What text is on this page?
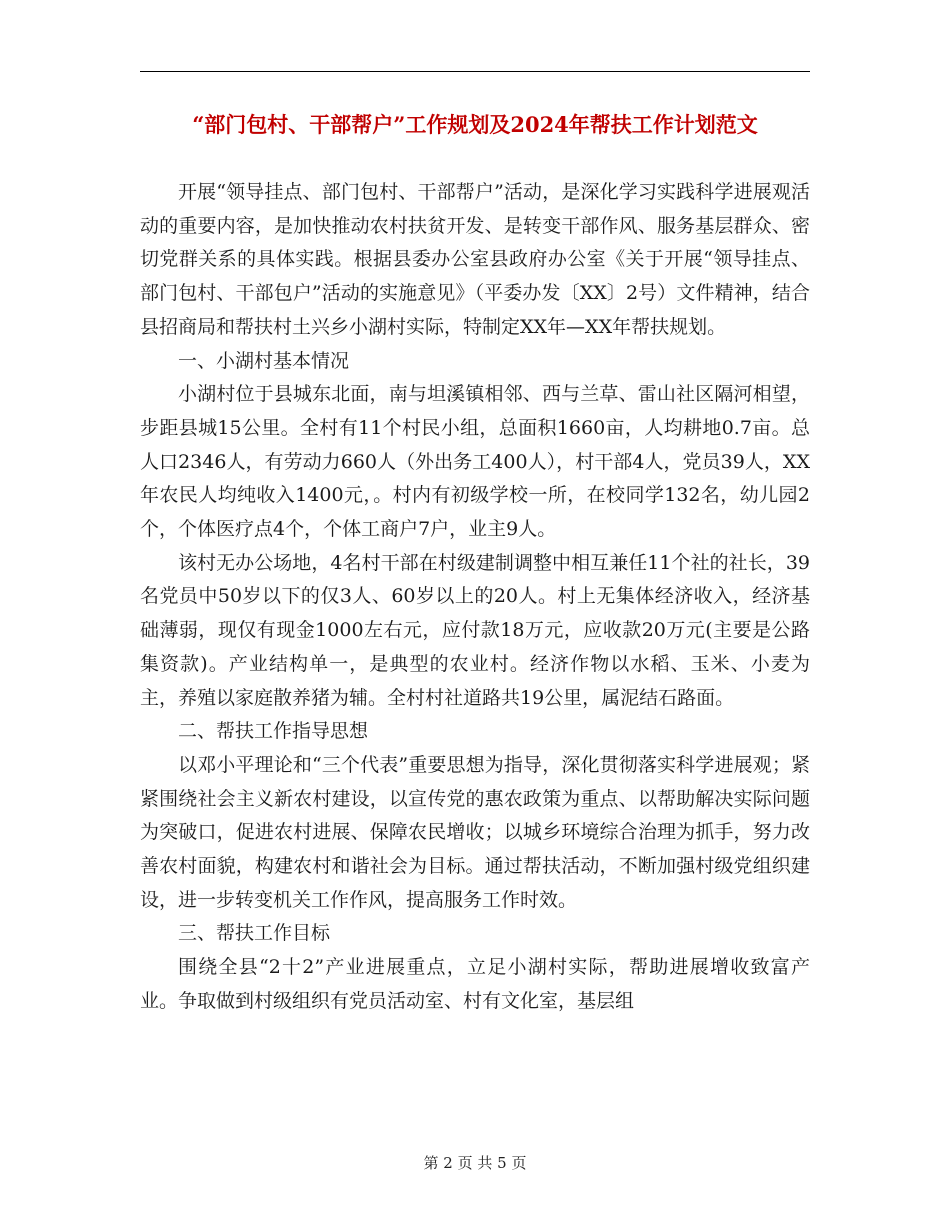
“部门包村、干部帮户”工作规划及2024年帮扶工作计划范文

开展“领导挂点、部门包村、干部帮户”活动，是深化学习实践科学进展观活动的重要内容，是加快推动农村扶贫开发、是转变干部作风、服务基层群众、密切党群关系的具体实践。根据县委办公室县政府办公室《关于开展“领导挂点、部门包村、干部包户”活动的实施意见》（平委办发〔XX〕2号）文件精神，结合县招商局和帮扶村土兴乡小湖村实际，特制定XX年—XX年帮扶规划。

一、小湖村基本情况

小湖村位于县城东北面，南与坦溪镇相邻、西与兰草、雷山社区隔河相望，步距县城15公里。全村有11个村民小组，总面积1660亩，人均耕地0.7亩。总人口2346人，有劳动力660人（外出务工400人），村干部4人，党员39人，XX年农民人均纯收入1400元，。村内有初级学校一所，在校同学132名，幼儿园2个，个体医疗点4个，个体工商户7户，业主9人。

该村无办公场地，4名村干部在村级建制调整中相互兼任11个社的社长，39名党员中50岁以下的仅3人、60岁以上的20人。村上无集体经济收入，经济基础薄弱，现仅有现金1000左右元，应付款18万元，应收款20万元(主要是公路集资款)。产业结构单一，是典型的农业村。经济作物以水稻、玉米、小麦为主，养殖以家庭散养猪为辅。全村村社道路共19公里，属泥结石路面。

二、帮扶工作指导思想

以邓小平理论和“三个代表”重要思想为指导，深化贯彻落实科学进展观；紧紧围绕社会主义新农村建设，以宣传党的惠农政策为重点、以帮助解决实际问题为突破口，促进农村进展、保障农民增收；以城乡环境综合治理为抓手，努力改善农村面貌，构建农村和谐社会为目标。通过帮扶活动，不断加强村级党组织建设，进一步转变机关工作作风，提高服务工作时效。

三、帮扶工作目标

围绕全县“2十2”产业进展重点，立足小湖村实际，帮助进展增收致富产业。争取做到村级组织有党员活动室、村有文化室，基层组

第 2 页 共 5 页
